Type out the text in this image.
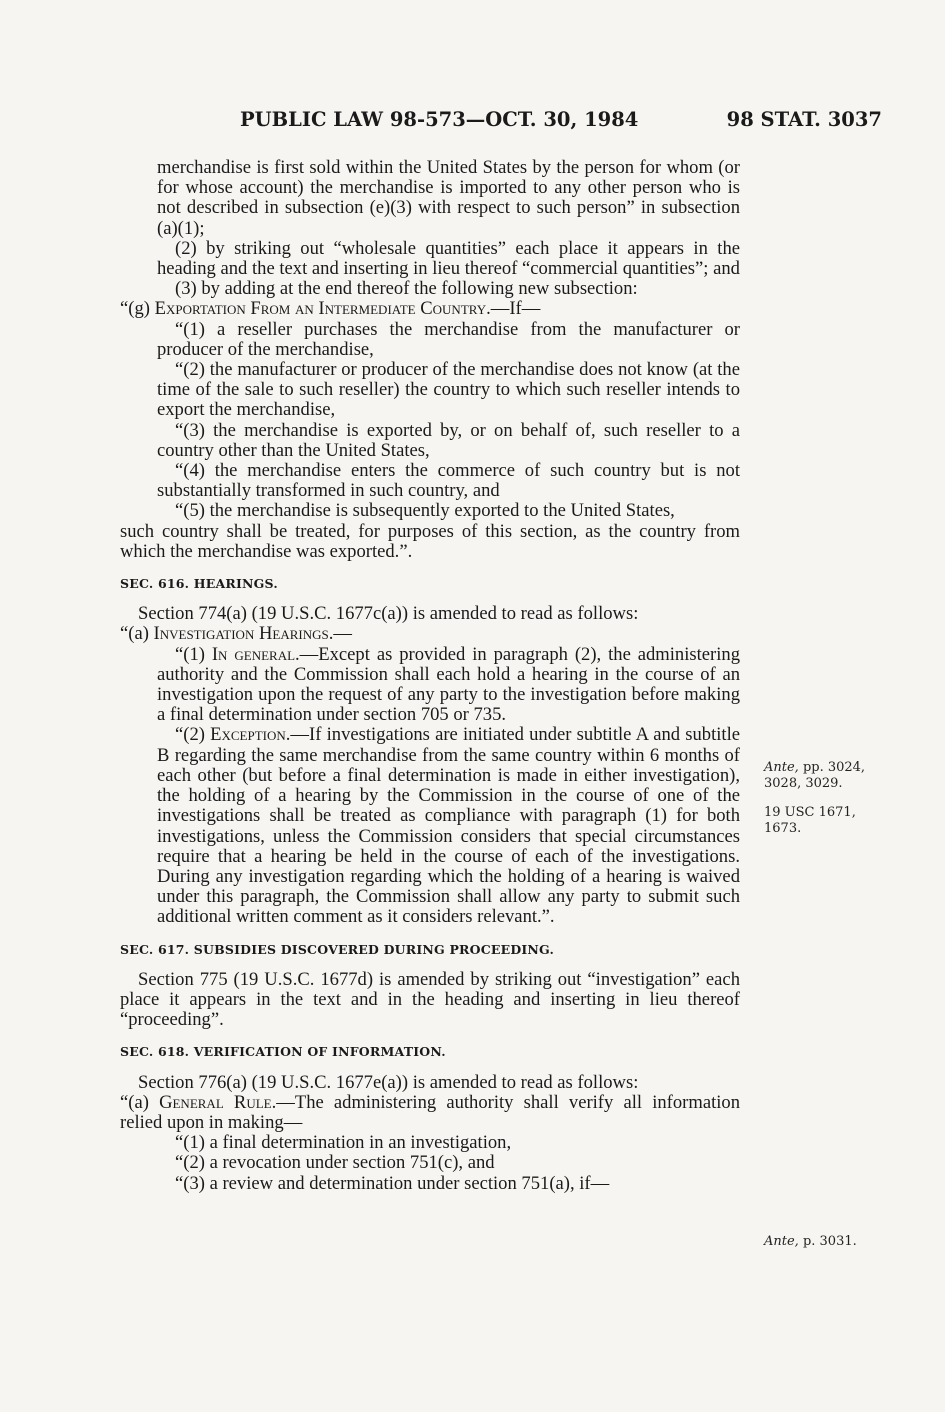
PUBLIC LAW 98-573—OCT. 30, 1984	98 STAT. 3037

merchandise is first sold within the United States by the person for whom (or for whose account) the merchandise is imported to any other person who is not described in subsection (e)(3) with respect to such person” in subsection (a)(1);

(2) by striking out “wholesale quantities” each place it appears in the heading and the text and inserting in lieu thereof “commercial quantities”; and

(3) by adding at the end thereof the following new subsection:

“(g) Exportation From an Intermediate Country.—If—

“(1) a reseller purchases the merchandise from the manufacturer or producer of the merchandise,

“(2) the manufacturer or producer of the merchandise does not know (at the time of the sale to such reseller) the country to which such reseller intends to export the merchandise,

“(3) the merchandise is exported by, or on behalf of, such reseller to a country other than the United States,

“(4) the merchandise enters the commerce of such country but is not substantially transformed in such country, and

“(5) the merchandise is subsequently exported to the United States,

such country shall be treated, for purposes of this section, as the country from which the merchandise was exported.”.

SEC. 616. HEARINGS.

Section 774(a) (19 U.S.C. 1677c(a)) is amended to read as follows:

“(a) Investigation Hearings.—

“(1) In general.—Except as provided in paragraph (2), the administering authority and the Commission shall each hold a hearing in the course of an investigation upon the request of any party to the investigation before making a final determination under section 705 or 735.

“(2) Exception.—If investigations are initiated under subtitle A and subtitle B regarding the same merchandise from the same country within 6 months of each other (but before a final determination is made in either investigation), the holding of a hearing by the Commission in the course of one of the investigations shall be treated as compliance with paragraph (1) for both investigations, unless the Commission considers that special circumstances require that a hearing be held in the course of each of the investigations. During any investigation regarding which the holding of a hearing is waived under this paragraph, the Commission shall allow any party to submit such additional written comment as it considers relevant.”.

SEC. 617. SUBSIDIES DISCOVERED DURING PROCEEDING.

Section 775 (19 U.S.C. 1677d) is amended by striking out “investigation” each place it appears in the text and in the heading and inserting in lieu thereof “proceeding”.

SEC. 618. VERIFICATION OF INFORMATION.

Section 776(a) (19 U.S.C. 1677e(a)) is amended to read as follows:

“(a) General Rule.—The administering authority shall verify all information relied upon in making—

“(1) a final determination in an investigation,

“(2) a revocation under section 751(c), and

“(3) a review and determination under section 751(a), if—

Ante, pp. 3024,
3028, 3029.
19 USC 1671,
1673.
Ante, p. 3031.
